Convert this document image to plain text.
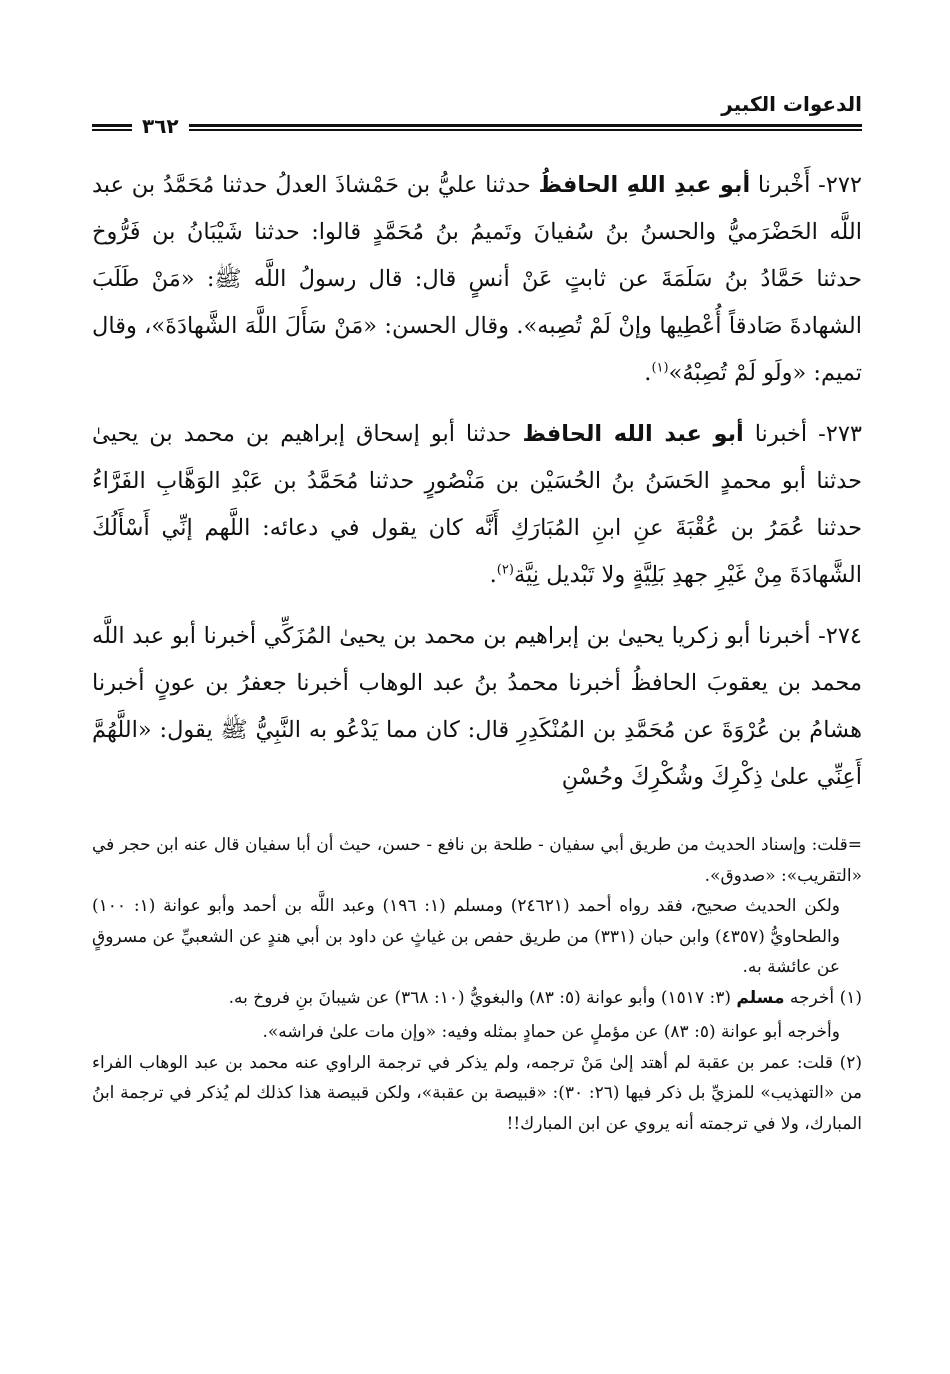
الدعوات الكبير
٣٦٢

٢٧٢- أَخْبرنا أبو عبدِ اللهِ الحافظُ حدثنا عليُّ بن حَمْشاذَ العدلُ حدثنا مُحَمَّدُ بن عبد اللَّه الحَضْرَميُّ والحسنُ بنُ سُفيانَ وتَميمُ بنُ مُحَمَّدٍ قالوا: حدثنا شَيْبَانُ بن فَرُّوخ حدثنا حَمَّادُ بنُ سَلَمَةَ عن ثابتٍ عَنْ أنسٍ قال: قال رسولُ اللَّه ﷺ: «مَنْ طَلَبَ الشهادةَ صَادقاً أُعْطِيها وإنْ لَمْ تُصِبه». وقال الحسن: «مَنْ سَأَلَ اللَّهَ الشَّهادَةَ»، وقال تميم: «ولَو لَمْ تُصِبْهُ»$^{(١)}$.

٢٧٣- أخبرنا أبو عبد الله الحافظ حدثنا أبو إسحاق إبراهيم بن محمد بن يحيىٰ حدثنا أبو محمدٍ الحَسَنُ بنُ الحُسَيْن بن مَنْصُورٍ حدثنا مُحَمَّدُ بن عَبْدِ الوَهَّابِ الفَرَّاءُ حدثنا عُمَرُ بن عُقْبَةَ عنِ ابنِ المُبَارَكِ أَنَّه كان يقول في دعائه: اللَّهم إنِّي أَسْأَلُكَ الشَّهادَةَ مِنْ غَيْرِ جهدِ بَلِيَّةٍ ولا تَبْديل نِيَّة$^{(٢)}$.

٢٧٤- أخبرنا أبو زكريا يحيىٰ بن إبراهيم بن محمد بن يحيىٰ المُزَكِّي أخبرنا أبو عبد اللَّه محمد بن يعقوبَ الحافظُ أخبرنا محمدُ بنُ عبد الوهاب أخبرنا جعفرُ بن عونٍ أخبرنا هشامُ بن عُرْوَةَ عن مُحَمَّدِ بن المُنْكَدِرِ قال: كان مما يَدْعُو به النَّبِيُّ ﷺ يقول: «اللَّهُمَّ أَعِنِّي علىٰ ذِكْرِكَ وشُكْرِكَ وحُسْنِ

=قلت: وإسناد الحديث من طريق أبي سفيان - طلحة بن نافع - حسن، حيث أن أبا سفيان قال عنه ابن حجر في «التقريب»: «صدوق».

ولكن الحديث صحيح، فقد رواه أحمد (٢٤٦٢١) ومسلم (١: ١٩٦) وعبد اللَّه بن أحمد وأبو عوانة (١: ١٠٠) والطحاويُّ (٤٣٥٧) وابن حبان (٣٣١) من طريق حفص بن غياثٍ عن داود بن أبي هندٍ عن الشعبيِّ عن مسروقٍ عن عائشة به.

(١) أخرجه مسلم (٣: ١٥١٧) وأبو عوانة (٥: ٨٣) والبغويُّ (١٠: ٣٦٨) عن شيبانَ بنِ فروخ به.

وأخرجه أبو عوانة (٥: ٨٣) عن مؤملٍ عن حمادٍ بمثله وفيه: «وإن مات علىٰ فراشه».

(٢) قلت: عمر بن عقبة لم أهتد إلىٰ مَنْ ترجمه، ولم يذكر في ترجمة الراوي عنه محمد بن عبد الوهاب الفراء من «التهذيب» للمزيِّ بل ذكر فيها (٢٦: ٣٠): «قبيصة بن عقبة»، ولكن قبيصة هذا كذلك لم يُذكر في ترجمة ابنُ المبارك، ولا في ترجمته أنه يروي عن ابن المبارك!!
